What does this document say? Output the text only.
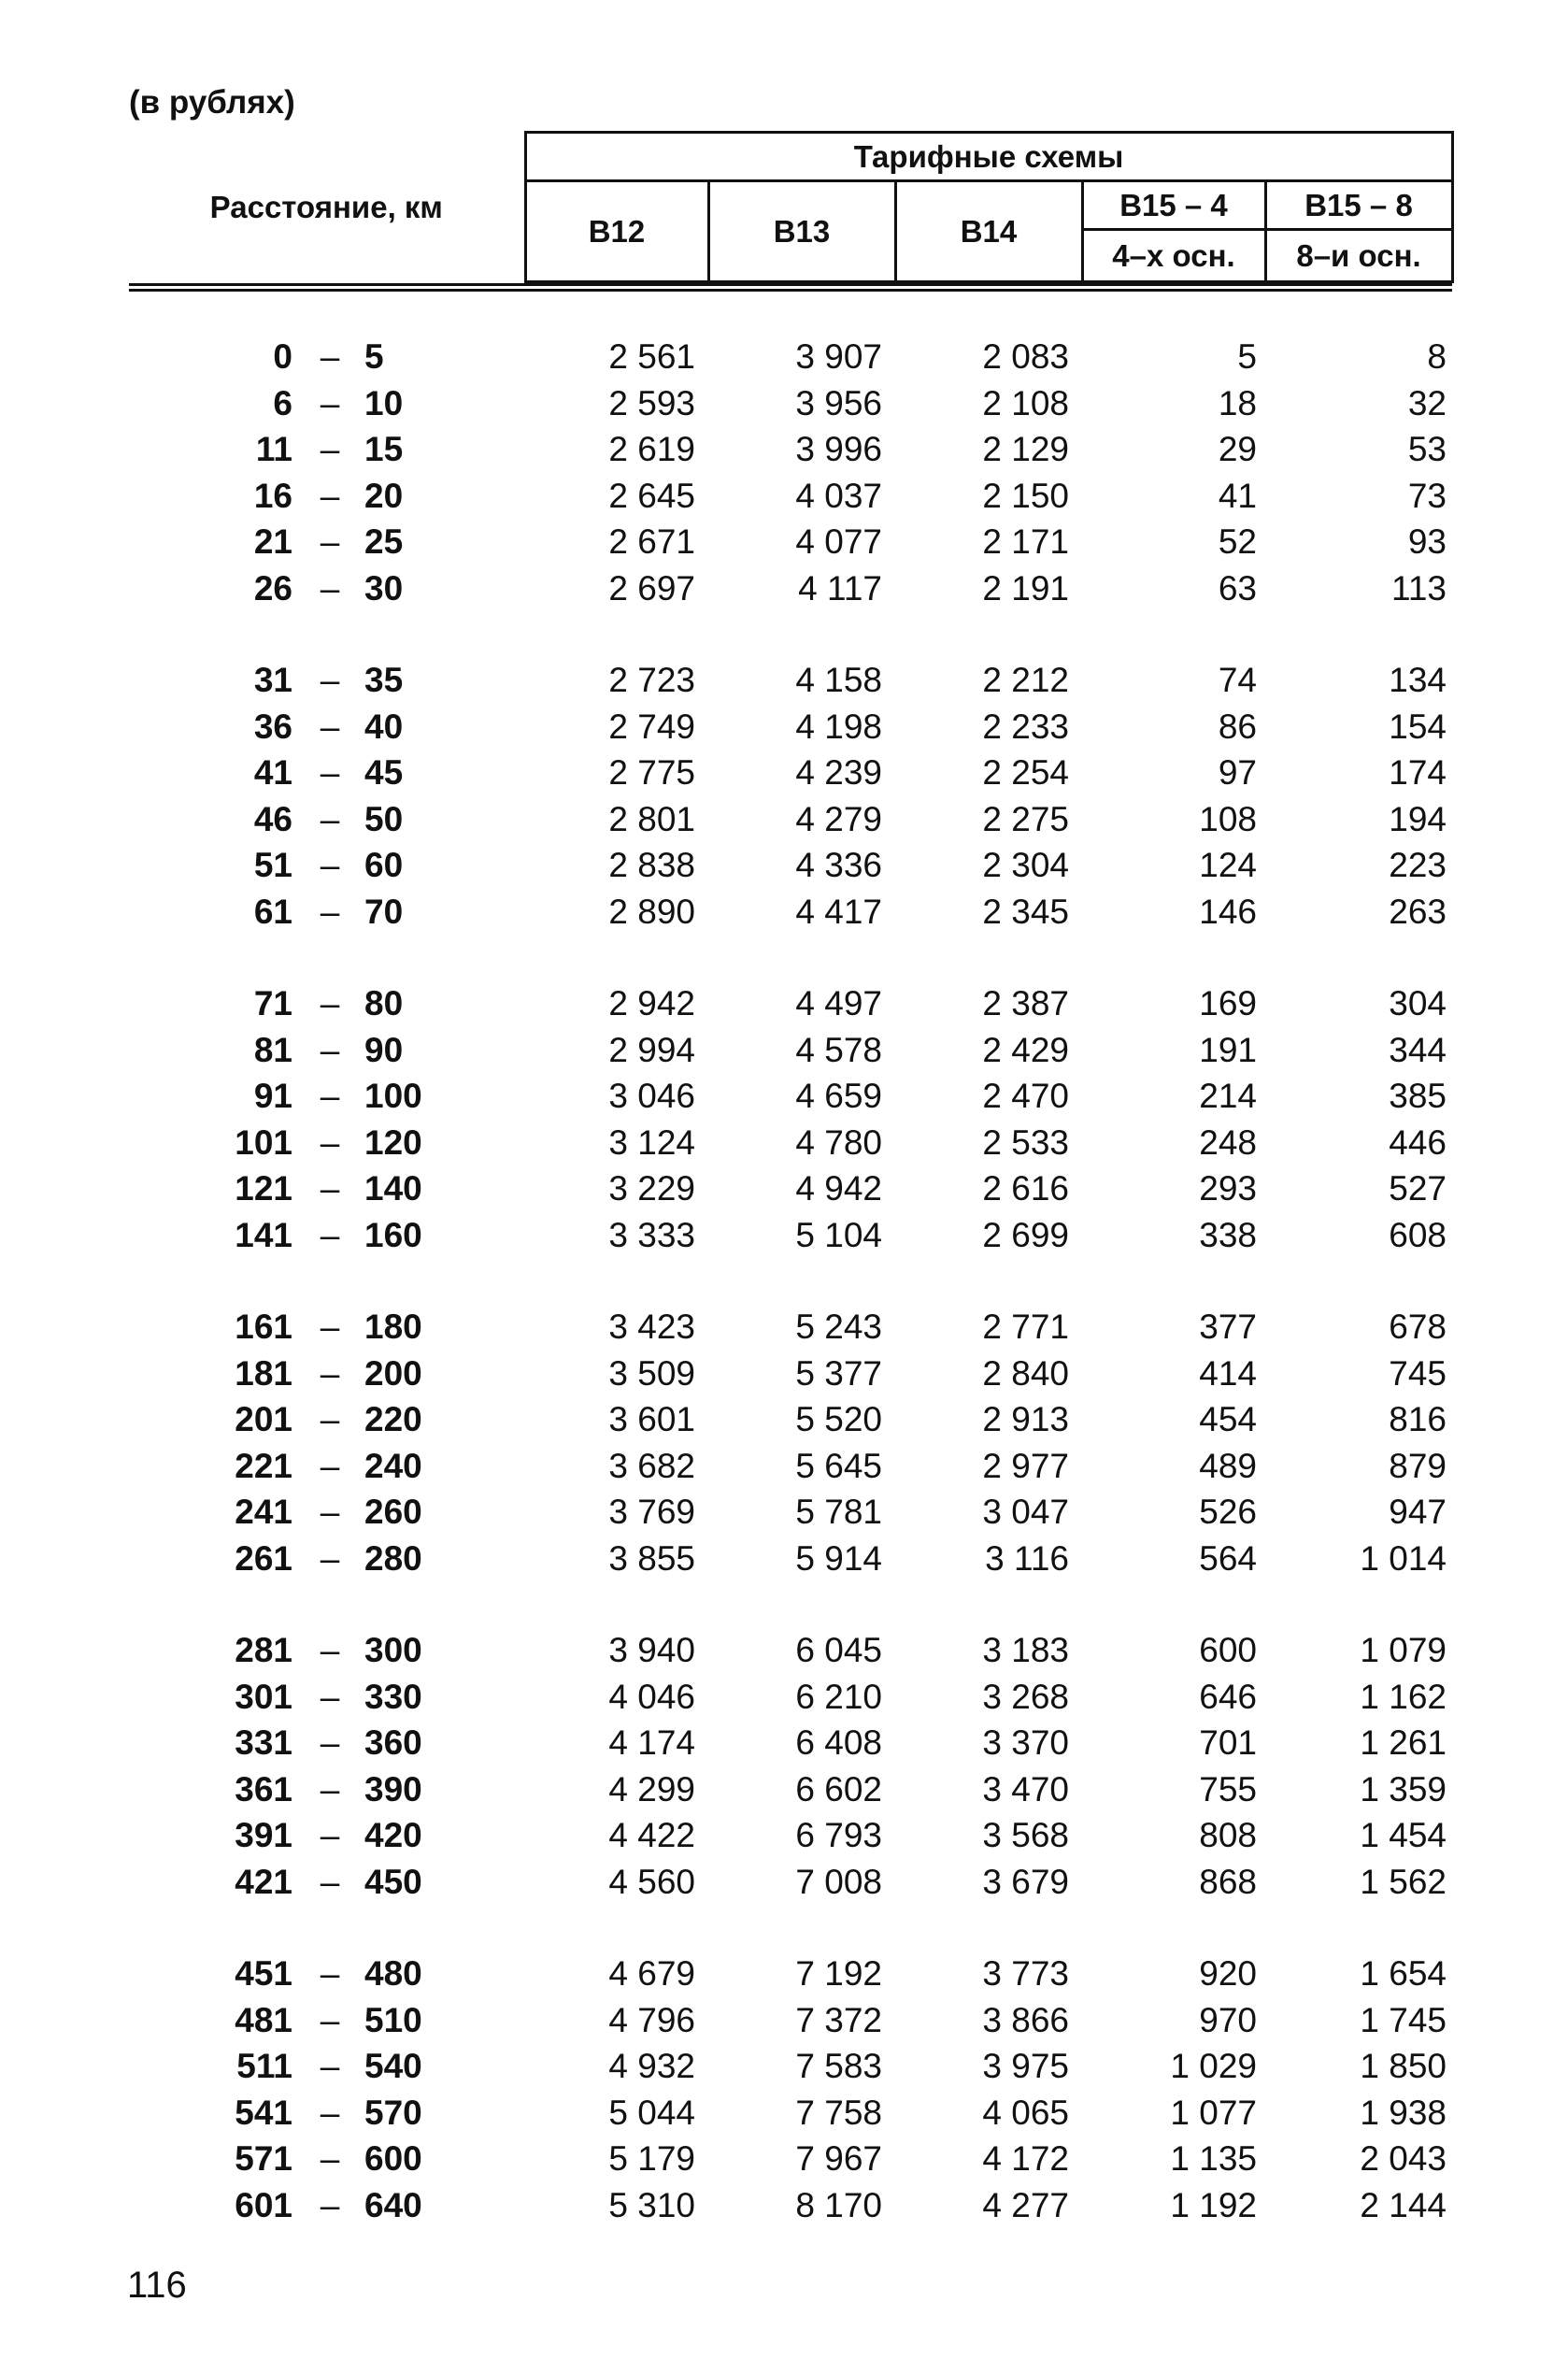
(в рублях)
Расстояние, км	Тарифные схемы				
	В12	В13	В14	В15 – 4	В15 – 8
				4–х осн.	8–и осн.
0 – 5	2 561	3 907	2 083	5	8
6 – 10	2 593	3 956	2 108	18	32
11 – 15	2 619	3 996	2 129	29	53
16 – 20	2 645	4 037	2 150	41	73
21 – 25	2 671	4 077	2 171	52	93
26 – 30	2 697	4 117	2 191	63	113
31 – 35	2 723	4 158	2 212	74	134
36 – 40	2 749	4 198	2 233	86	154
41 – 45	2 775	4 239	2 254	97	174
46 – 50	2 801	4 279	2 275	108	194
51 – 60	2 838	4 336	2 304	124	223
61 – 70	2 890	4 417	2 345	146	263
71 – 80	2 942	4 497	2 387	169	304
81 – 90	2 994	4 578	2 429	191	344
91 – 100	3 046	4 659	2 470	214	385
101 – 120	3 124	4 780	2 533	248	446
121 – 140	3 229	4 942	2 616	293	527
141 – 160	3 333	5 104	2 699	338	608
161 – 180	3 423	5 243	2 771	377	678
181 – 200	3 509	5 377	2 840	414	745
201 – 220	3 601	5 520	2 913	454	816
221 – 240	3 682	5 645	2 977	489	879
241 – 260	3 769	5 781	3 047	526	947
261 – 280	3 855	5 914	3 116	564	1 014
281 – 300	3 940	6 045	3 183	600	1 079
301 – 330	4 046	6 210	3 268	646	1 162
331 – 360	4 174	6 408	3 370	701	1 261
361 – 390	4 299	6 602	3 470	755	1 359
391 – 420	4 422	6 793	3 568	808	1 454
421 – 450	4 560	7 008	3 679	868	1 562
451 – 480	4 679	7 192	3 773	920	1 654
481 – 510	4 796	7 372	3 866	970	1 745
511 – 540	4 932	7 583	3 975	1 029	1 850
541 – 570	5 044	7 758	4 065	1 077	1 938
571 – 600	5 179	7 967	4 172	1 135	2 043
601 – 640	5 310	8 170	4 277	1 192	2 144
116
